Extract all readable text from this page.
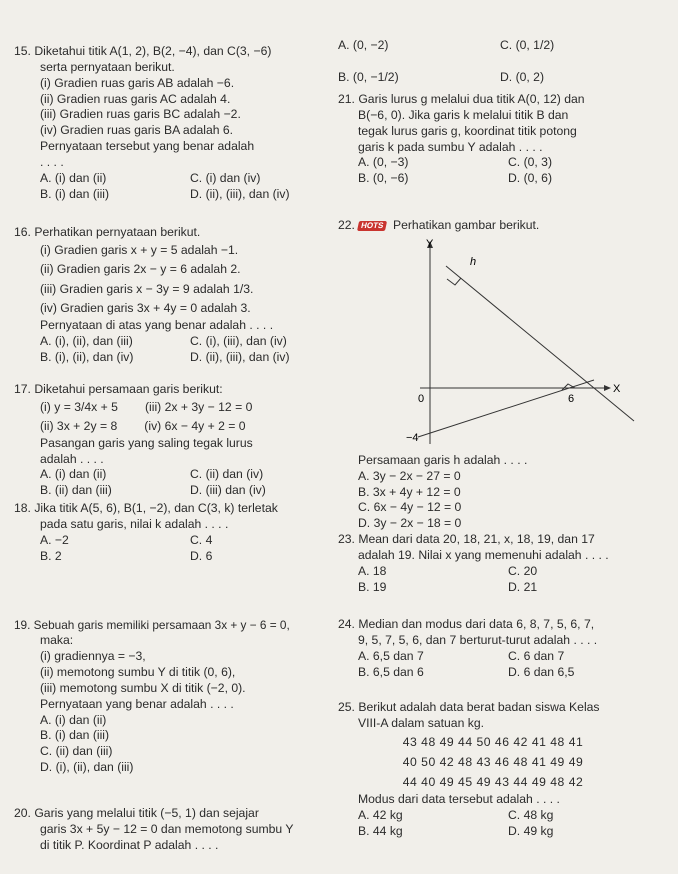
15. Diketahui titik A(1, 2), B(2, −4), dan C(3, −6)
serta pernyataan berikut.
(i) Gradien ruas garis AB adalah −6.
(ii) Gradien ruas garis AC adalah 4.
(iii) Gradien ruas garis BC adalah −2.
(iv) Gradien ruas garis BA adalah 6.
Pernyataan tersebut yang benar adalah
. . . .
A. (i) dan (ii)	C. (i) dan (iv)
B. (i) dan (iii)	D. (ii), (iii), dan (iv)
16. Perhatikan pernyataan berikut.
(i) Gradien garis x + y = 5 adalah −1.
(ii) Gradien garis 2x − y = 6 adalah 2.
(iii) Gradien garis x − 3y = 9 adalah 1/3.
(iv) Gradien garis 3x + 4y = 0 adalah 3.
Pernyataan di atas yang benar adalah . . . .
A. (i), (ii), dan (iii)	C. (i), (iii), dan (iv)
B. (i), (ii), dan (iv)	D. (ii), (iii), dan (iv)
17. Diketahui persamaan garis berikut:
(i) y = 3/4x + 5        (iii) 2x + 3y − 12 = 0
(ii) 3x + 2y = 8        (iv) 6x − 4y + 2 = 0
Pasangan garis yang saling tegak lurus
adalah . . . .
A. (i) dan (ii)	C. (ii) dan (iv)
B. (ii) dan (iii)	D. (iii) dan (iv)
18. Jika titik A(5, 6), B(1, −2), dan C(3, k) terletak
pada satu garis, nilai k adalah . . . .
A. −2	C. 4
B. 2	D. 6
19. Sebuah garis memiliki persamaan 3x + y − 6 = 0,
maka:
(i) gradiennya = −3,
(ii) memotong sumbu Y di titik (0, 6),
(iii) memotong sumbu X di titik (−2, 0).
Pernyataan yang benar adalah . . . .
A. (i) dan (ii)
B. (i) dan (iii)
C. (ii) dan (iii)
D. (i), (ii), dan (iii)
20. Garis yang melalui titik (−5, 1) dan sejajar
garis 3x + 5y − 12 = 0 dan memotong sumbu Y
di titik P. Koordinat P adalah . . . .
A. (0, −2)	C. (0, 1/2)
B. (0, −1/2)	D. (0, 2)
21. Garis lurus g melalui dua titik A(0, 12) dan
B(−6, 0). Jika garis k melalui titik B dan
tegak lurus garis g, koordinat titik potong
garis k pada sumbu Y adalah . . . .
A. (0, −3)	C. (0, 3)
B. (0, −6)	D. (0, 6)
22. HOTS Perhatikan gambar berikut.
Y
X
h
0	6
−4
Persamaan garis h adalah . . . .
A. 3y − 2x − 27 = 0
B. 3x + 4y + 12 = 0
C. 6x − 4y − 12 = 0
D. 3y − 2x − 18 = 0
23. Mean dari data 20, 18, 21, x, 18, 19, dan 17
adalah 19. Nilai x yang memenuhi adalah . . . .
A. 18	C. 20
B. 19	D. 21
24. Median dan modus dari data 6, 8, 7, 5, 6, 7,
9, 5, 7, 5, 6, dan 7 berturut-turut adalah . . . .
A. 6,5 dan 7	C. 6 dan 7
B. 6,5 dan 6	D. 6 dan 6,5
25. Berikut adalah data berat badan siswa Kelas
VIII-A dalam satuan kg.
43 48 49 44 50 46 42 41 48 41
40 50 42 48 43 46 48 41 49 49
44 40 49 45 49 43 44 49 48 42
Modus dari data tersebut adalah . . . .
A. 42 kg	C. 48 kg
B. 44 kg	D. 49 kg
